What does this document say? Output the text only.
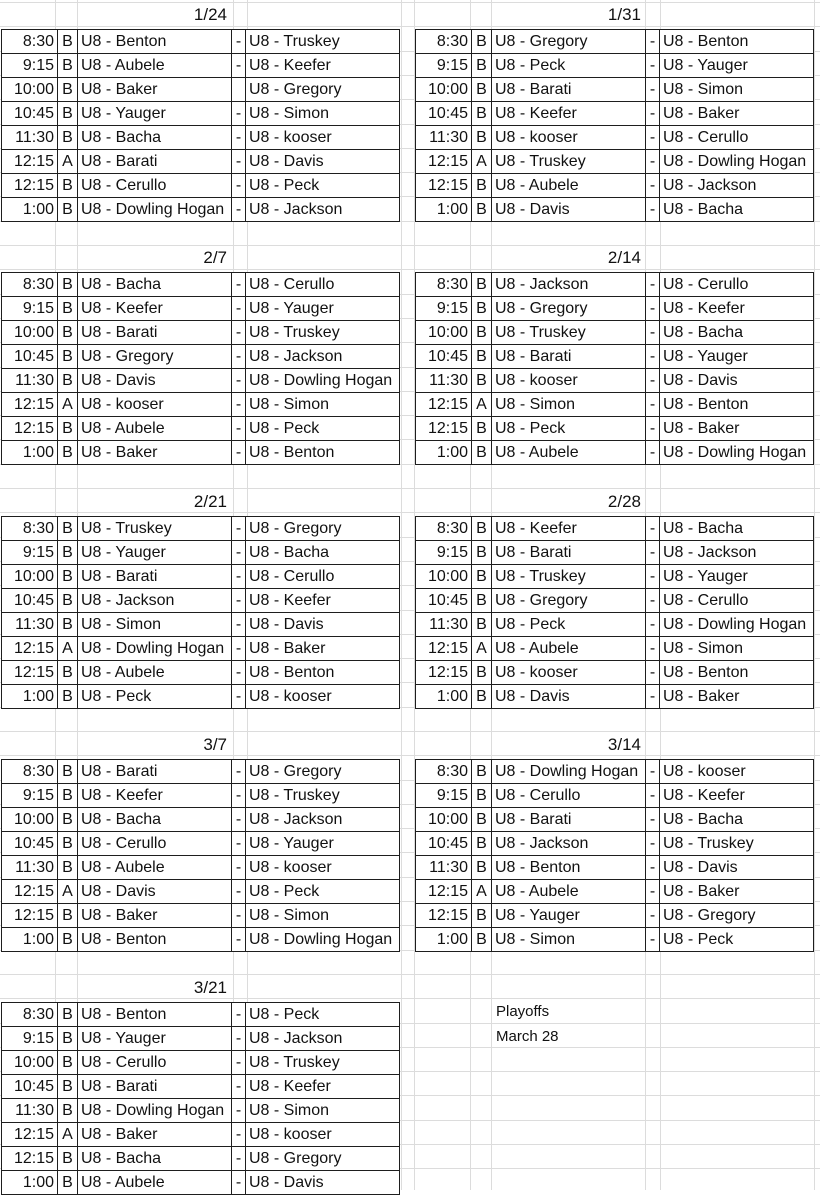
1/24
8:30	B	U8 - Benton	-	U8 - Truskey
9:15	B	U8 - Aubele	-	U8 - Keefer
10:00	B	U8 - Baker		U8 - Gregory
10:45	B	U8 - Yauger	-	U8 - Simon
11:30	B	U8 - Bacha	-	U8 - kooser
12:15	A	U8 - Barati	-	U8 - Davis
12:15	B	U8 - Cerullo	-	U8 - Peck
1:00	B	U8 - Dowling Hogan	-	U8 - Jackson
1/31
8:30	B	U8 - Gregory	-	U8 - Benton
9:15	B	U8 - Peck	-	U8 - Yauger
10:00	B	U8 - Barati	-	U8 - Simon
10:45	B	U8 - Keefer	-	U8 - Baker
11:30	B	U8 - kooser	-	U8 - Cerullo
12:15	A	U8 - Truskey	-	U8 - Dowling Hogan
12:15	B	U8 - Aubele	-	U8 - Jackson
1:00	B	U8 - Davis	-	U8 - Bacha
2/7
8:30	B	U8 - Bacha	-	U8 - Cerullo
9:15	B	U8 - Keefer	-	U8 - Yauger
10:00	B	U8 - Barati	-	U8 - Truskey
10:45	B	U8 - Gregory	-	U8 - Jackson
11:30	B	U8 - Davis	-	U8 - Dowling Hogan
12:15	A	U8 - kooser	-	U8 - Simon
12:15	B	U8 - Aubele	-	U8 - Peck
1:00	B	U8 - Baker	-	U8 - Benton
2/14
8:30	B	U8 - Jackson	-	U8 - Cerullo
9:15	B	U8 - Gregory	-	U8 - Keefer
10:00	B	U8 - Truskey	-	U8 - Bacha
10:45	B	U8 - Barati	-	U8 - Yauger
11:30	B	U8 - kooser	-	U8 - Davis
12:15	A	U8 - Simon	-	U8 - Benton
12:15	B	U8 - Peck	-	U8 - Baker
1:00	B	U8 - Aubele	-	U8 - Dowling Hogan
2/21
8:30	B	U8 - Truskey	-	U8 - Gregory
9:15	B	U8 - Yauger	-	U8 - Bacha
10:00	B	U8 - Barati	-	U8 - Cerullo
10:45	B	U8 - Jackson	-	U8 - Keefer
11:30	B	U8 - Simon	-	U8 - Davis
12:15	A	U8 - Dowling Hogan	-	U8 - Baker
12:15	B	U8 - Aubele	-	U8 - Benton
1:00	B	U8 - Peck	-	U8 - kooser
2/28
8:30	B	U8 - Keefer	-	U8 - Bacha
9:15	B	U8 - Barati	-	U8 - Jackson
10:00	B	U8 - Truskey	-	U8 - Yauger
10:45	B	U8 - Gregory	-	U8 - Cerullo
11:30	B	U8 - Peck	-	U8 - Dowling Hogan
12:15	A	U8 - Aubele	-	U8 - Simon
12:15	B	U8 - kooser	-	U8 - Benton
1:00	B	U8 - Davis	-	U8 - Baker
3/7
8:30	B	U8 - Barati	-	U8 - Gregory
9:15	B	U8 - Keefer	-	U8 - Truskey
10:00	B	U8 - Bacha	-	U8 - Jackson
10:45	B	U8 - Cerullo	-	U8 - Yauger
11:30	B	U8 - Aubele	-	U8 - kooser
12:15	A	U8 - Davis	-	U8 - Peck
12:15	B	U8 - Baker	-	U8 - Simon
1:00	B	U8 - Benton	-	U8 - Dowling Hogan
3/14
8:30	B	U8 - Dowling Hogan	-	U8 - kooser
9:15	B	U8 - Cerullo	-	U8 - Keefer
10:00	B	U8 - Barati	-	U8 - Bacha
10:45	B	U8 - Jackson	-	U8 - Truskey
11:30	B	U8 - Benton	-	U8 - Davis
12:15	A	U8 - Aubele	-	U8 - Baker
12:15	B	U8 - Yauger	-	U8 - Gregory
1:00	B	U8 - Simon	-	U8 - Peck
3/21
8:30	B	U8 - Benton	-	U8 - Peck
9:15	B	U8 - Yauger	-	U8 - Jackson
10:00	B	U8 - Cerullo	-	U8 - Truskey
10:45	B	U8 - Barati	-	U8 - Keefer
11:30	B	U8 - Dowling Hogan	-	U8 - Simon
12:15	A	U8 - Baker	-	U8 - kooser
12:15	B	U8 - Bacha	-	U8 - Gregory
1:00	B	U8 - Aubele	-	U8 - Davis
Playoffs
March 28
